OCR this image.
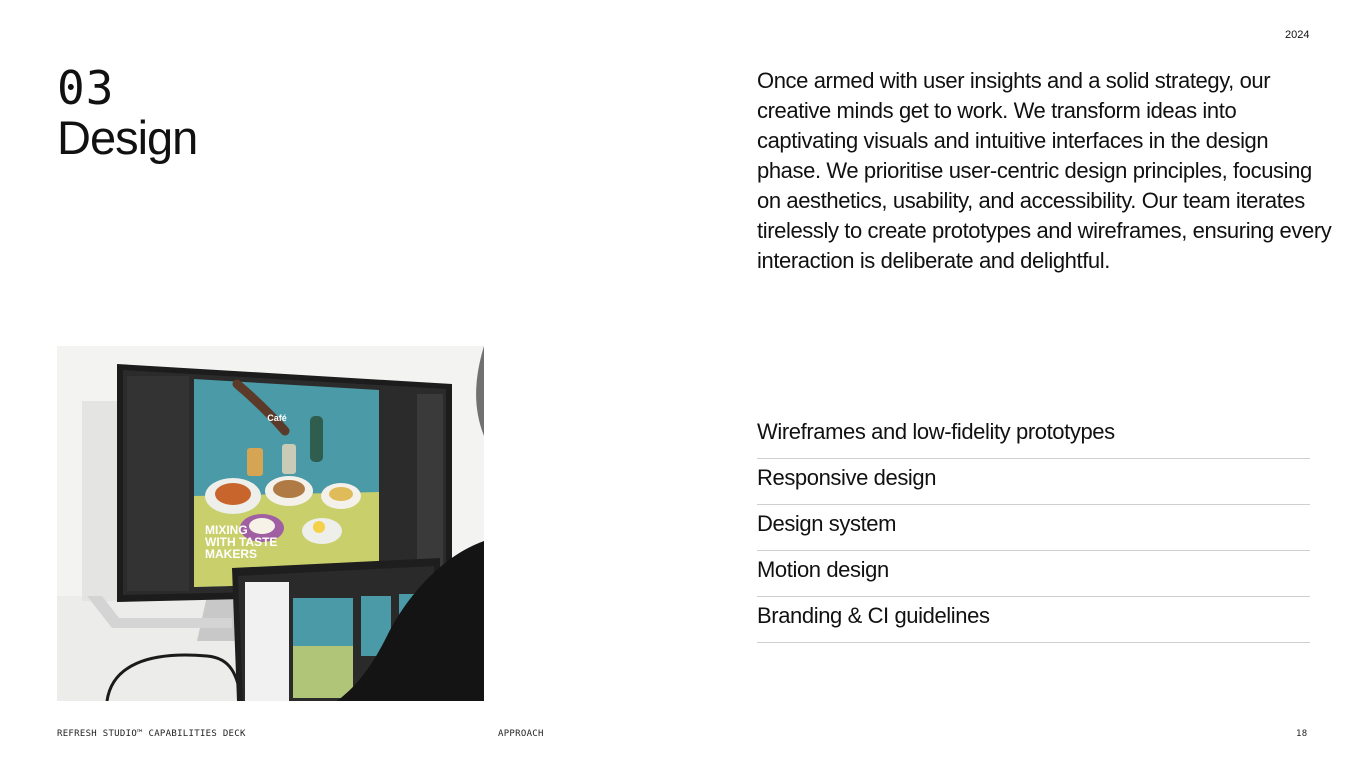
2024
03
Design

Once armed with user insights and a solid strategy, our creative minds get to work. We transform ideas into captivating visuals and intuitive interfaces in the design phase. We prioritise user-centric design principles, focusing on aesthetics, usability, and accessibility. Our team iterates tirelessly to create prototypes and wireframes, ensuring every interaction is deliberate and delightful.

Café
MIXING WITH TASTE MAKERS
Wireframes and low-fidelity prototypes
Responsive design
Design system
Motion design
Branding & CI guidelines
REFRESH STUDIO™ CAPABILITIES DECK	APPROACH	18
